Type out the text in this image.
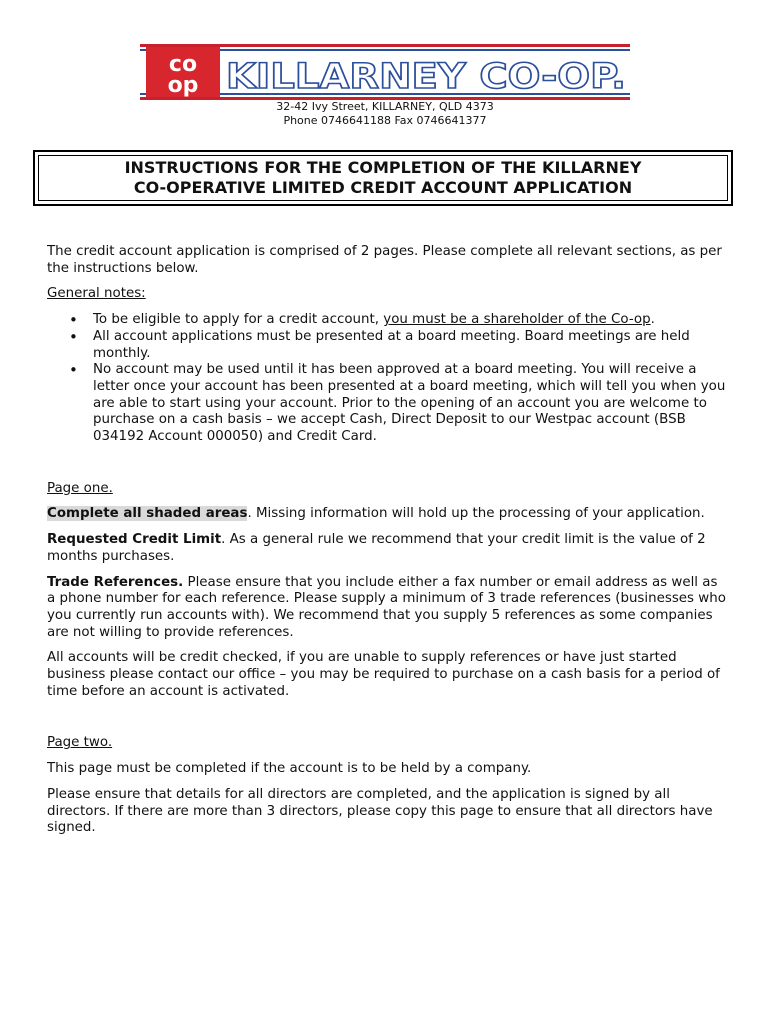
co
op KILLARNEY CO-OP.
32-42 Ivy Street, KILLARNEY, QLD 4373
Phone 0746641188 Fax 0746641377
INSTRUCTIONS FOR THE COMPLETION OF THE KILLARNEY
CO-OPERATIVE LIMITED CREDIT ACCOUNT APPLICATION

The credit account application is comprised of 2 pages. Please complete all relevant sections, as per the instructions below.

General notes:

• To be eligible to apply for a credit account, you must be a shareholder of the Co-op.
• All account applications must be presented at a board meeting. Board meetings are held monthly.
• No account may be used until it has been approved at a board meeting. You will receive a letter once your account has been presented at a board meeting, which will tell you when you are able to start using your account. Prior to the opening of an account you are welcome to purchase on a cash basis – we accept Cash, Direct Deposit to our Westpac account (BSB 034192 Account 000050) and Credit Card.

Page one.

Complete all shaded areas. Missing information will hold up the processing of your application.

Requested Credit Limit. As a general rule we recommend that your credit limit is the value of 2 months purchases.

Trade References. Please ensure that you include either a fax number or email address as well as a phone number for each reference. Please supply a minimum of 3 trade references (businesses who you currently run accounts with). We recommend that you supply 5 references as some companies are not willing to provide references.

All accounts will be credit checked, if you are unable to supply references or have just started business please contact our office – you may be required to purchase on a cash basis for a period of time before an account is activated.

Page two.

This page must be completed if the account is to be held by a company.

Please ensure that details for all directors are completed, and the application is signed by all directors. If there are more than 3 directors, please copy this page to ensure that all directors have signed.
